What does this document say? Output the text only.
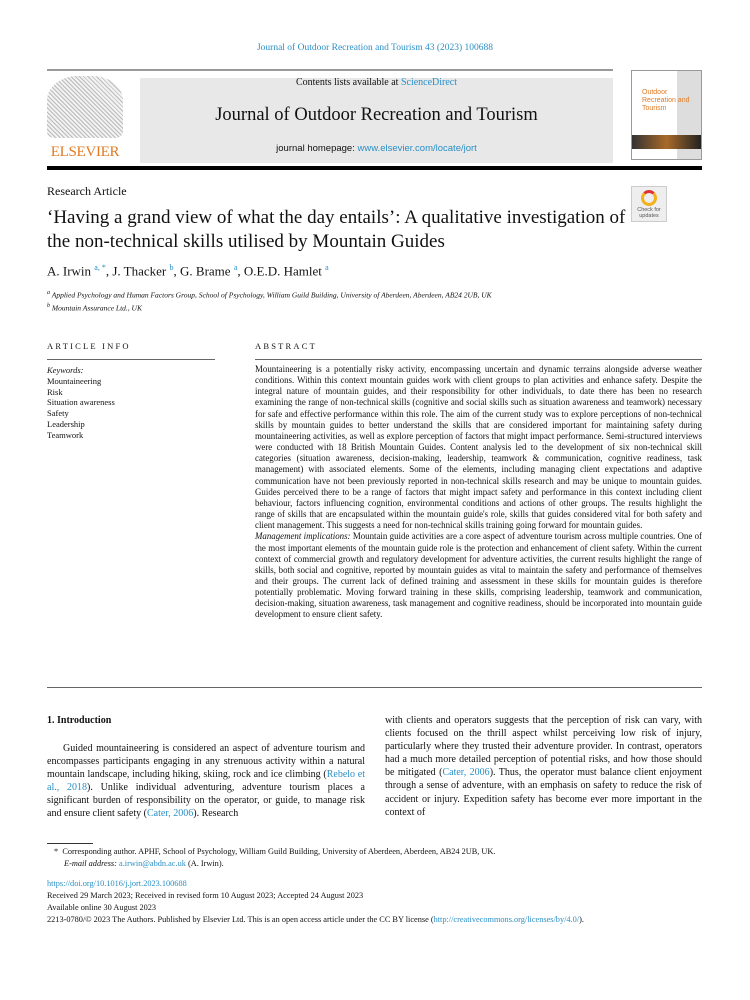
Journal of Outdoor Recreation and Tourism 43 (2023) 100688
ELSEVIER
Contents lists available at ScienceDirect
Journal of Outdoor Recreation and Tourism
journal homepage: www.elsevier.com/locate/jort
Outdoor Recreation and Tourism
Research Article
‘Having a grand view of what the day entails’: A qualitative investigation of the non-technical skills utilised by Mountain Guides
Check for updates
A. Irwin $^{a, *}$, J. Thacker $^b$, G. Brame $^a$, O.E.D. Hamlet $^a$
$^a$ Applied Psychology and Human Factors Group, School of Psychology, William Guild Building, University of Aberdeen, Aberdeen, AB24 2UB, UK
$^b$ Mountain Assurance Ltd., UK
ARTICLE INFO	ABSTRACT
Keywords:
Mountaineering
Risk
Situation awareness
Safety
Leadership
Teamwork
Mountaineering is a potentially risky activity, encompassing uncertain and dynamic terrains alongside adverse weather conditions. Within this context mountain guides work with client groups to plan activities and enhance safety. Despite the integral nature of mountain guides, and their responsibility for other individuals, to date there has been no research examining the range of non-technical skills (cognitive and social skills such as situation awareness and teamwork) necessary for safe and effective performance within this role. The aim of the current study was to explore perceptions of non-technical skills by mountain guides to better understand the skills that are considered important for maintaining safety during mountaineering activities, as well as explore perception of factors that might impact performance. Semi-structured interviews were conducted with 18 British Mountain Guides. Content analysis led to the development of six non-technical skill categories (situation awareness, decision-making, leadership, teamwork & communication, cognitive readiness, task management) with associated elements. Some of the elements, including managing client expectations and adaptive communication have not been previously reported in non-technical skills research and may be unique to mountain guides. Guides perceived there to be a range of factors that might impact safety and performance in this context including client behaviour, factors influencing cognition, environmental conditions and actions of other groups. The results highlight the range of skills that are encapsulated within the mountain guide's role, skills that guides considered vital for both safety and client management. This suggests a need for non-technical skills training going forward for mountain guides.
Management implications: Mountain guide activities are a core aspect of adventure tourism across multiple countries. One of the most important elements of the mountain guide role is the protection and enhancement of client safety. Within the current context of commercial growth and regulatory development for adventure activities, the current results highlight the range of skills, both social and cognitive, reported by mountain guides as vital to maintain the safety and performance of themselves and their groups. The current lack of defined training and assessment in these skills for mountain guides is therefore potentially problematic. Moving forward training in these skills, comprising leadership, teamwork and communication, decision-making, situation awareness, task management and cognitive readiness, should be incorporated into mountain guide development to ensure client safety.
1. Introduction
Guided mountaineering is considered an aspect of adventure tourism and encompasses participants engaging in any strenuous activity within a natural mountain landscape, including hiking, skiing, rock and ice climbing (Rebelo et al., 2018). Unlike individual adventuring, adventure tourism places a significant burden of responsibility on the operator, or guide, to manage risk and ensure client safety (Cater, 2006). Research
with clients and operators suggests that the perception of risk can vary, with clients focused on the thrill aspect whilst perceiving low risk of injury, particularly where they trusted their adventure provider. In contrast, operators had a much more detailed perception of potential risks, and how those should be mitigated (Cater, 2006). Thus, the operator must balance client enjoyment through a sense of adventure, with an emphasis on safety to reduce the risk of accident or injury. Expedition safety has become ever more important in the context of
* Corresponding author. APHF, School of Psychology, William Guild Building, University of Aberdeen, Aberdeen, AB24 2UB, UK.
E-mail address: a.irwin@abdn.ac.uk (A. Irwin).
https://doi.org/10.1016/j.jort.2023.100688
Received 29 March 2023; Received in revised form 10 August 2023; Accepted 24 August 2023
Available online 30 August 2023
2213-0780/© 2023 The Authors. Published by Elsevier Ltd. This is an open access article under the CC BY license (http://creativecommons.org/licenses/by/4.0/).
